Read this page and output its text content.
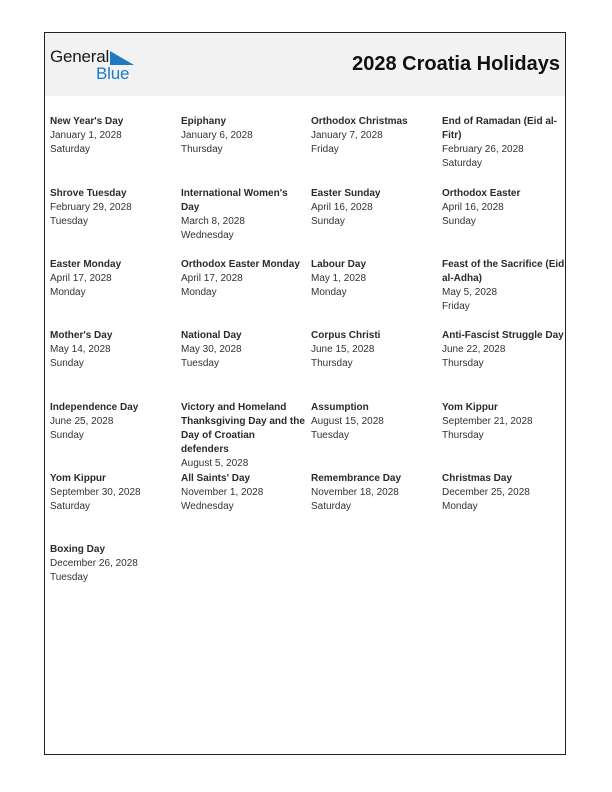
General
Blue	2028 Croatia Holidays
New Year's Day
January 1, 2028
Saturday
Epiphany
January 6, 2028
Thursday
Orthodox Christmas
January 7, 2028
Friday
End of Ramadan (Eid al-Fitr)
February 26, 2028
Saturday
Shrove Tuesday
February 29, 2028
Tuesday
International Women's Day
March 8, 2028
Wednesday
Easter Sunday
April 16, 2028
Sunday
Orthodox Easter
April 16, 2028
Sunday
Easter Monday
April 17, 2028
Monday
Orthodox Easter Monday
April 17, 2028
Monday
Labour Day
May 1, 2028
Monday
Feast of the Sacrifice (Eid al-Adha)
May 5, 2028
Friday
Mother's Day
May 14, 2028
Sunday
National Day
May 30, 2028
Tuesday
Corpus Christi
June 15, 2028
Thursday
Anti-Fascist Struggle Day
June 22, 2028
Thursday
Independence Day
June 25, 2028
Sunday
Victory and Homeland Thanksgiving Day and the Day of Croatian defenders
August 5, 2028
Assumption
August 15, 2028
Tuesday
Yom Kippur
September 21, 2028
Thursday
Yom Kippur
September 30, 2028
Saturday
All Saints' Day
November 1, 2028
Wednesday
Remembrance Day
November 18, 2028
Saturday
Christmas Day
December 25, 2028
Monday
Boxing Day
December 26, 2028
Tuesday
